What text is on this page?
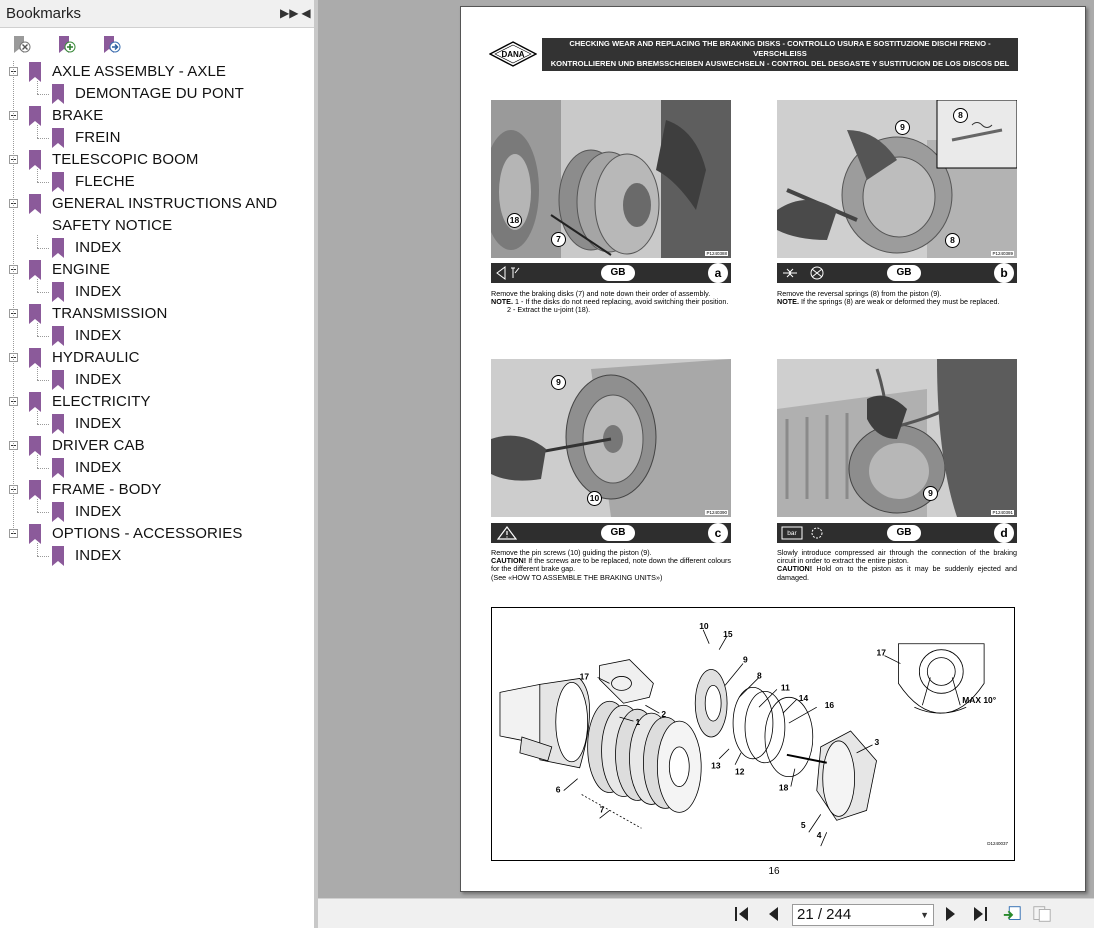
Bookmarks	▶▶ ◀
AXLE ASSEMBLY - AXLE
DEMONTAGE DU PONT
BRAKE
FREIN
TELESCOPIC BOOM
FLECHE
GENERAL INSTRUCTIONS AND
SAFETY NOTICE
INDEX
ENGINE
INDEX
TRANSMISSION
INDEX
HYDRAULIC
INDEX
ELECTRICITY
INDEX
DRIVER CAB
INDEX
FRAME - BODY
INDEX
OPTIONS - ACCESSORIES
INDEX
DANA
CHECKING WEAR AND REPLACING THE BRAKING DISKS - CONTROLLO USURA E SOSTITUZIONE DISCHI FRENO - VERSCHLEISS
KONTROLLIEREN UND BREMSSCHEIBEN AUSWECHSELN - CONTROL DEL DESGASTE Y SUSTITUCION DE LOS DISCOS DEL FRENO -
CONTROLE D'USURE ET SUBSTITUTION DES DISQUES DE FREINAGE
18
7
P1240388
GB	a
Remove the braking disks (7) and note down their order of assembly.
NOTE. 1 - If the disks do not need replacing, avoid switching their position.
2 - Extract the u-joint (18).
9
8
8
P1240389
GB	b
Remove the reversal springs (8) from the piston (9).
NOTE. If the springs (8) are weak or deformed they must be replaced.
9
10
P1240390
GB	c
Remove the pin screws (10) guiding the piston (9).
CAUTION! If the screws are to be replaced, note down the different colours for the different brake gap.
(See «HOW TO ASSEMBLE THE BRAKING UNITS»)
9
P1240391
bar	GB	d
Slowly introduce compressed air through the connection of the braking circuit in order to extract the entire piston.
CAUTION! Hold on to the piston as it may be suddenly ejected and damaged.
10
15
9
8
11
14
16
17
2
1
3
6
7
13
12
18
5
4
17
MAX 10°
D1240037
16
21 / 244	▼
